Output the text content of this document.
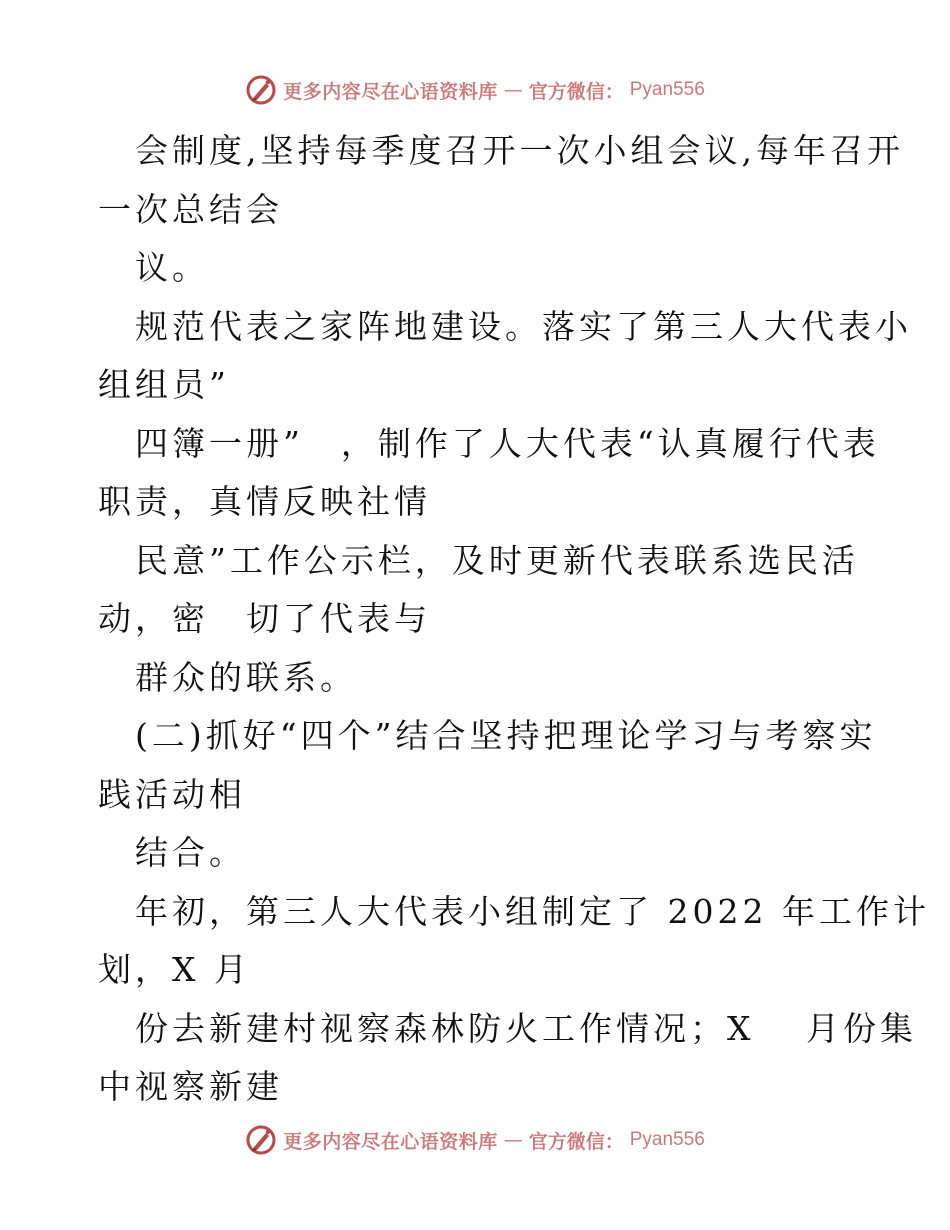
更多内容尽在心语资料库 — 官方微信： Pyan556
会制度,坚持每季度召开一次小组会议,每年召开
一次总结会
议。
规范代表之家阵地建设。落实了第三人大代表小
组组员”
四簿一册”　，制作了人大代表“认真履行代表
职责，真情反映社情
民意”工作公示栏，及时更新代表联系选民活
动，密　切了代表与
群众的联系。
(二)抓好“四个”结合坚持把理论学习与考察实
践活动相
结合。
年初，第三人大代表小组制定了 2022 年工作计
划，X 月
份去新建村视察森林防火工作情况；X　 月份集
中视察新建
更多内容尽在心语资料库 — 官方微信： Pyan556
